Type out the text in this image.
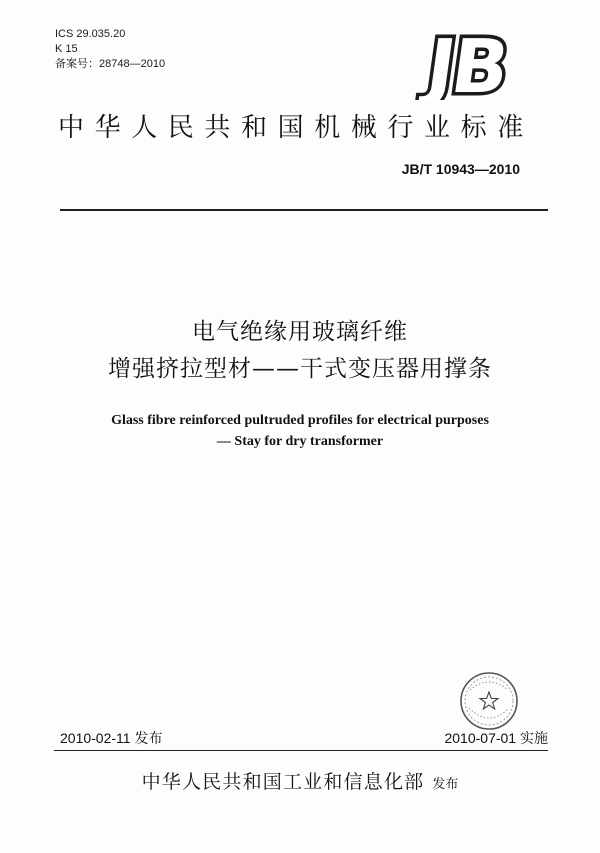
ICS 29.035.20
K 15
备案号：28748—2010	JB
中华人民共和国机械行业标准
JB/T 10943—2010
电气绝缘用玻璃纤维
增强挤拉型材——干式变压器用撑条
Glass fibre reinforced pultruded profiles for electrical purposes
— Stay for dry transformer
2010-02-11 发布	2010-07-01 实施
中华人民共和国工业和信息化部 发布
